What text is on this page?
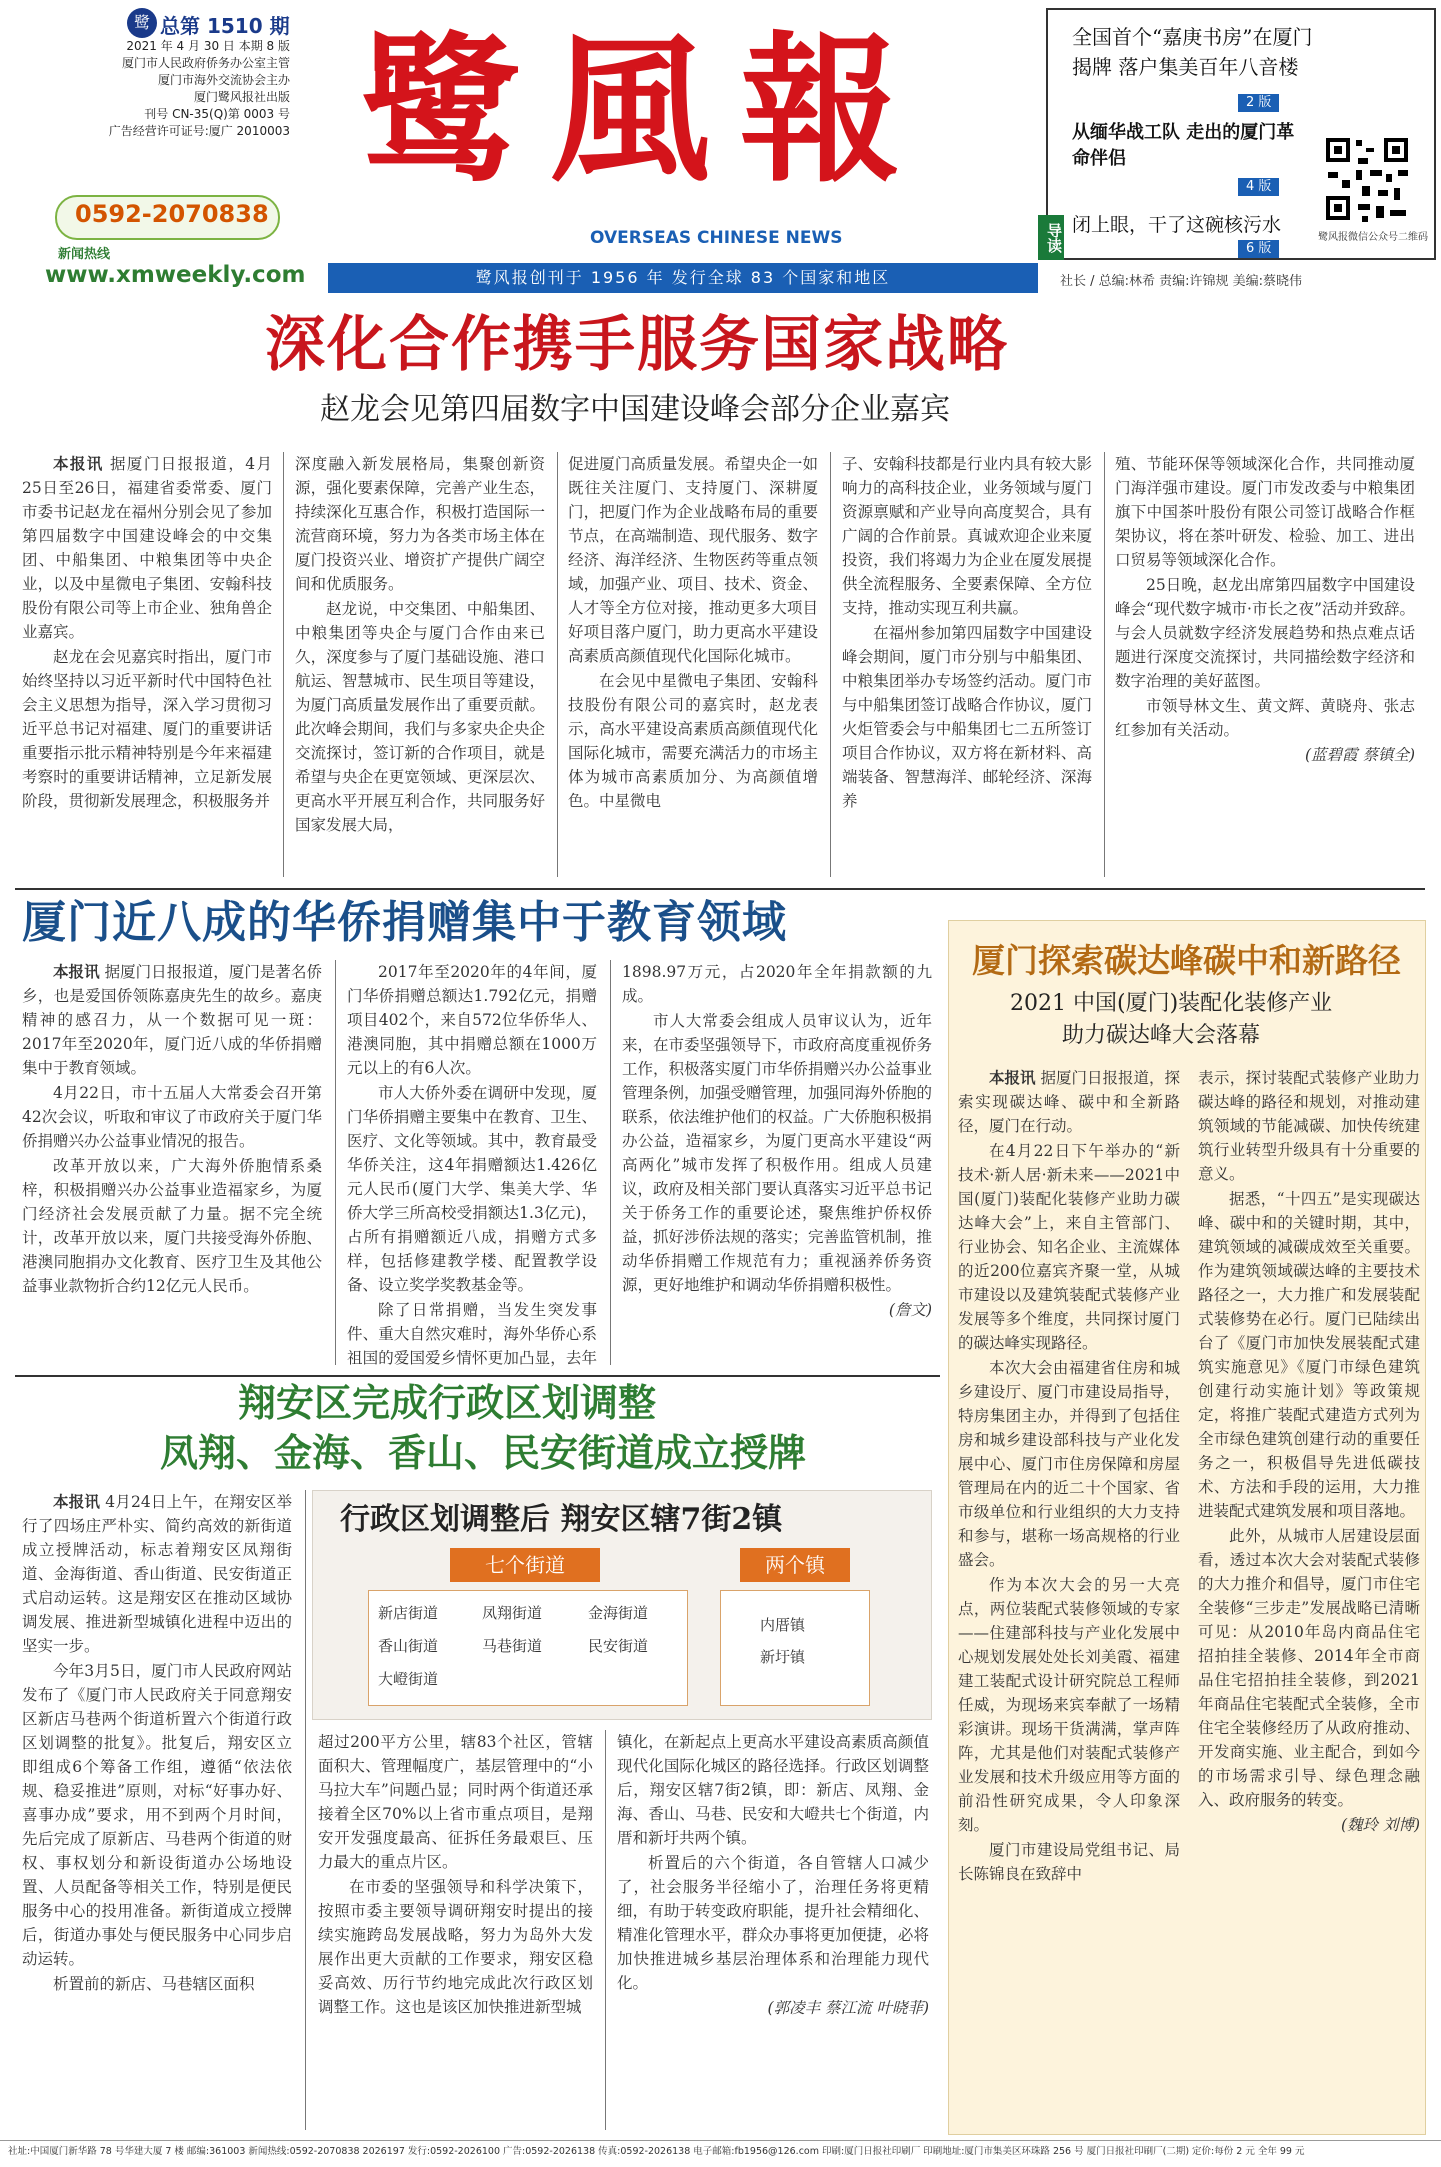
鹭 总第 1510 期
2021 年 4 月 30 日 本期 8 版
厦门市人民政府侨务办公室主管
厦门市海外交流协会主办
厦门鹭风报社出版
刊号 CN-35(Q)第 0003 号
广告经营许可证号:厦广 2010003
0592-2070838
新闻热线
www.xmweekly.com
鹭風報
OVERSEAS CHINESE NEWS
鹭风报创刊于 1956 年 发行全球 83 个国家和地区
导读
全国首个“嘉庚书房”在厦门揭牌 落户集美百年八音楼
2 版
从缅华战工队 走出的厦门革命伴侣
4 版
闭上眼，干了这碗核污水
6 版
鹭风报微信公众号二维码
社长 / 总编:林希 责编:许锦规 美编:蔡晓伟
深化合作携手服务国家战略
赵龙会见第四届数字中国建设峰会部分企业嘉宾

本报讯 据厦门日报报道，4月25日至26日，福建省委常委、厦门市委书记赵龙在福州分别会见了参加第四届数字中国建设峰会的中交集团、中船集团、中粮集团等中央企业，以及中星微电子集团、安翰科技股份有限公司等上市企业、独角兽企业嘉宾。

赵龙在会见嘉宾时指出，厦门市始终坚持以习近平新时代中国特色社会主义思想为指导，深入学习贯彻习近平总书记对福建、厦门的重要讲话重要指示批示精神特别是今年来福建考察时的重要讲话精神，立足新发展阶段，贯彻新发展理念，积极服务并

深度融入新发展格局，集聚创新资源，强化要素保障，完善产业生态，持续深化互惠合作，积极打造国际一流营商环境，努力为各类市场主体在厦门投资兴业、增资扩产提供广阔空间和优质服务。

赵龙说，中交集团、中船集团、中粮集团等央企与厦门合作由来已久，深度参与了厦门基础设施、港口航运、智慧城市、民生项目等建设，为厦门高质量发展作出了重要贡献。此次峰会期间，我们与多家央企央企交流探讨，签订新的合作项目，就是希望与央企在更宽领域、更深层次、更高水平开展互利合作，共同服务好国家发展大局，

促进厦门高质量发展。希望央企一如既往关注厦门、支持厦门、深耕厦门，把厦门作为企业战略布局的重要节点，在高端制造、现代服务、数字经济、海洋经济、生物医药等重点领域，加强产业、项目、技术、资金、人才等全方位对接，推动更多大项目好项目落户厦门，助力更高水平建设高素质高颜值现代化国际化城市。

在会见中星微电子集团、安翰科技股份有限公司的嘉宾时，赵龙表示，高水平建设高素质高颜值现代化国际化城市，需要充满活力的市场主体为城市高素质加分、为高颜值增色。中星微电

子、安翰科技都是行业内具有较大影响力的高科技企业，业务领域与厦门资源禀赋和产业导向高度契合，具有广阔的合作前景。真诚欢迎企业来厦投资，我们将竭力为企业在厦发展提供全流程服务、全要素保障、全方位支持，推动实现互利共赢。

在福州参加第四届数字中国建设峰会期间，厦门市分别与中船集团、中粮集团举办专场签约活动。厦门市与中船集团签订战略合作协议，厦门火炬管委会与中船集团七二五所签订项目合作协议，双方将在新材料、高端装备、智慧海洋、邮轮经济、深海养

殖、节能环保等领域深化合作，共同推动厦门海洋强市建设。厦门市发改委与中粮集团旗下中国茶叶股份有限公司签订战略合作框架协议，将在茶叶研发、检验、加工、进出口贸易等领域深化合作。

25日晚，赵龙出席第四届数字中国建设峰会“现代数字城市·市长之夜”活动并致辞。与会人员就数字经济发展趋势和热点难点话题进行深度交流探讨，共同描绘数字经济和数字治理的美好蓝图。

市领导林文生、黄文辉、黄晓舟、张志红参加有关活动。

(蓝碧霞 蔡镇全)

厦门近八成的华侨捐赠集中于教育领域

本报讯 据厦门日报报道，厦门是著名侨乡，也是爱国侨领陈嘉庚先生的故乡。嘉庚精神的感召力，从一个数据可见一斑：2017年至2020年，厦门近八成的华侨捐赠集中于教育领域。

4月22日，市十五届人大常委会召开第42次会议，听取和审议了市政府关于厦门华侨捐赠兴办公益事业情况的报告。

改革开放以来，广大海外侨胞情系桑梓，积极捐赠兴办公益事业造福家乡，为厦门经济社会发展贡献了力量。据不完全统计，改革开放以来，厦门共接受海外侨胞、港澳同胞捐办文化教育、医疗卫生及其他公益事业款物折合约12亿元人民币。

2017年至2020年的4年间，厦门华侨捐赠总额达1.792亿元，捐赠项目402个，来自572位华侨华人、港澳同胞，其中捐赠总额在1000万元以上的有6人次。

市人大侨外委在调研中发现，厦门华侨捐赠主要集中在教育、卫生、医疗、文化等领域。其中，教育最受华侨关注，这4年捐赠额达1.426亿元人民币(厦门大学、集美大学、华侨大学三所高校受捐额达1.3亿元)，占所有捐赠额近八成，捐赠方式多样，包括修建教学楼、配置教学设备、设立奖学奖教基金等。

除了日常捐赠，当发生突发事件、重大自然灾难时，海外华侨心系祖国的爱国爱乡情怀更加凸显，去年

1898.97万元，占2020年全年捐款额的九成。

市人大常委会组成人员审议认为，近年来，在市委坚强领导下，市政府高度重视侨务工作，积极落实厦门市华侨捐赠兴办公益事业管理条例，加强受赠管理，加强同海外侨胞的联系，依法维护他们的权益。广大侨胞积极捐办公益，造福家乡，为厦门更高水平建设“两高两化”城市发挥了积极作用。组成人员建议，政府及相关部门要认真落实习近平总书记关于侨务工作的重要论述，聚焦维护侨权侨益，抓好涉侨法规的落实；完善监管机制，推动华侨捐赠工作规范有力；重视涵养侨务资源，更好地维护和调动华侨捐赠积极性。

(詹文)

翔安区完成行政区划调整
凤翔、金海、香山、民安街道成立授牌

本报讯 4月24日上午，在翔安区举行了四场庄严朴实、简约高效的新街道成立授牌活动，标志着翔安区凤翔街道、金海街道、香山街道、民安街道正式启动运转。这是翔安区在推动区域协调发展、推进新型城镇化进程中迈出的坚实一步。

今年3月5日，厦门市人民政府网站发布了《厦门市人民政府关于同意翔安区新店马巷两个街道析置六个街道行政区划调整的批复》。批复后，翔安区立即组成6个筹备工作组，遵循“依法依规、稳妥推进”原则，对标“好事办好、喜事办成”要求，用不到两个月时间，先后完成了原新店、马巷两个街道的财权、事权划分和新设街道办公场地设置、人员配备等相关工作，特别是便民服务中心的投用准备。新街道成立授牌后，街道办事处与便民服务中心同步启动运转。

析置前的新店、马巷辖区面积

行政区划调整后 翔安区辖7街2镇
七个街道	两个镇
新店街道	凤翔街道	金海街道
香山街道	马巷街道	民安街道
大嶝街道
内厝镇
新圩镇

超过200平方公里，辖83个社区，管辖面积大、管理幅度广，基层管理中的“小马拉大车”问题凸显；同时两个街道还承接着全区70%以上省市重点项目，是翔安开发强度最高、征拆任务最艰巨、压力最大的重点片区。

在市委的坚强领导和科学决策下，按照市委主要领导调研翔安时提出的接续实施跨岛发展战略，努力为岛外大发展作出更大贡献的工作要求，翔安区稳妥高效、历行节约地完成此次行政区划调整工作。这也是该区加快推进新型城

镇化，在新起点上更高水平建设高素质高颜值现代化国际化城区的路径选择。行政区划调整后，翔安区辖7街2镇，即：新店、凤翔、金海、香山、马巷、民安和大嶝共七个街道，内厝和新圩共两个镇。

析置后的六个街道，各自管辖人口减少了，社会服务半径缩小了，治理任务将更精细，有助于转变政府职能，提升社会精细化、精准化管理水平，群众办事将更加便捷，必将加快推进城乡基层治理体系和治理能力现代化。

(郭凌丰 蔡江流 叶晓菲)

厦门探索碳达峰碳中和新路径
2021 中国(厦门)装配化装修产业
助力碳达峰大会落幕

本报讯 据厦门日报报道，探索实现碳达峰、碳中和全新路径，厦门在行动。

在4月22日下午举办的“新技术·新人居·新未来——2021中国(厦门)装配化装修产业助力碳达峰大会”上，来自主管部门、行业协会、知名企业、主流媒体的近200位嘉宾齐聚一堂，从城市建设以及建筑装配式装修产业发展等多个维度，共同探讨厦门的碳达峰实现路径。

本次大会由福建省住房和城乡建设厅、厦门市建设局指导，特房集团主办，并得到了包括住房和城乡建设部科技与产业化发展中心、厦门市住房保障和房屋管理局在内的近二十个国家、省市级单位和行业组织的大力支持和参与，堪称一场高规格的行业盛会。

作为本次大会的另一大亮点，两位装配式装修领域的专家——住建部科技与产业化发展中心规划发展处处长刘美霞、福建建工装配式设计研究院总工程师任威，为现场来宾奉献了一场精彩演讲。现场干货满满，掌声阵阵，尤其是他们对装配式装修产业发展和技术升级应用等方面的前沿性研究成果，令人印象深刻。

厦门市建设局党组书记、局长陈锦良在致辞中

表示，探讨装配式装修产业助力碳达峰的路径和规划，对推动建筑领域的节能减碳、加快传统建筑行业转型升级具有十分重要的意义。

据悉，“十四五”是实现碳达峰、碳中和的关键时期，其中，建筑领域的减碳成效至关重要。作为建筑领域碳达峰的主要技术路径之一，大力推广和发展装配式装修势在必行。厦门已陆续出台了《厦门市加快发展装配式建筑实施意见》《厦门市绿色建筑创建行动实施计划》等政策规定，将推广装配式建造方式列为全市绿色建筑创建行动的重要任务之一，积极倡导先进低碳技术、方法和手段的运用，大力推进装配式建筑发展和项目落地。

此外，从城市人居建设层面看，透过本次大会对装配式装修的大力推介和倡导，厦门市住宅全装修“三步走”发展战略已清晰可见：从2010年岛内商品住宅招拍挂全装修、2014年全市商品住宅招拍挂全装修，到2021年商品住宅装配式全装修，全市住宅全装修经历了从政府推动、开发商实施、业主配合，到如今的市场需求引导、绿色理念融入、政府服务的转变。

(魏玲 刘博)

社址:中国厦门新华路 78 号华建大厦 7 楼 邮编:361003 新闻热线:0592-2070838 2026197 发行:0592-2026100 广告:0592-2026138 传真:0592-2026138 电子邮箱:fb1956@126.com 印刷:厦门日报社印刷厂 印刷地址:厦门市集美区环珠路 256 号 厦门日报社印刷厂(二期) 定价:每份 2 元 全年 99 元
